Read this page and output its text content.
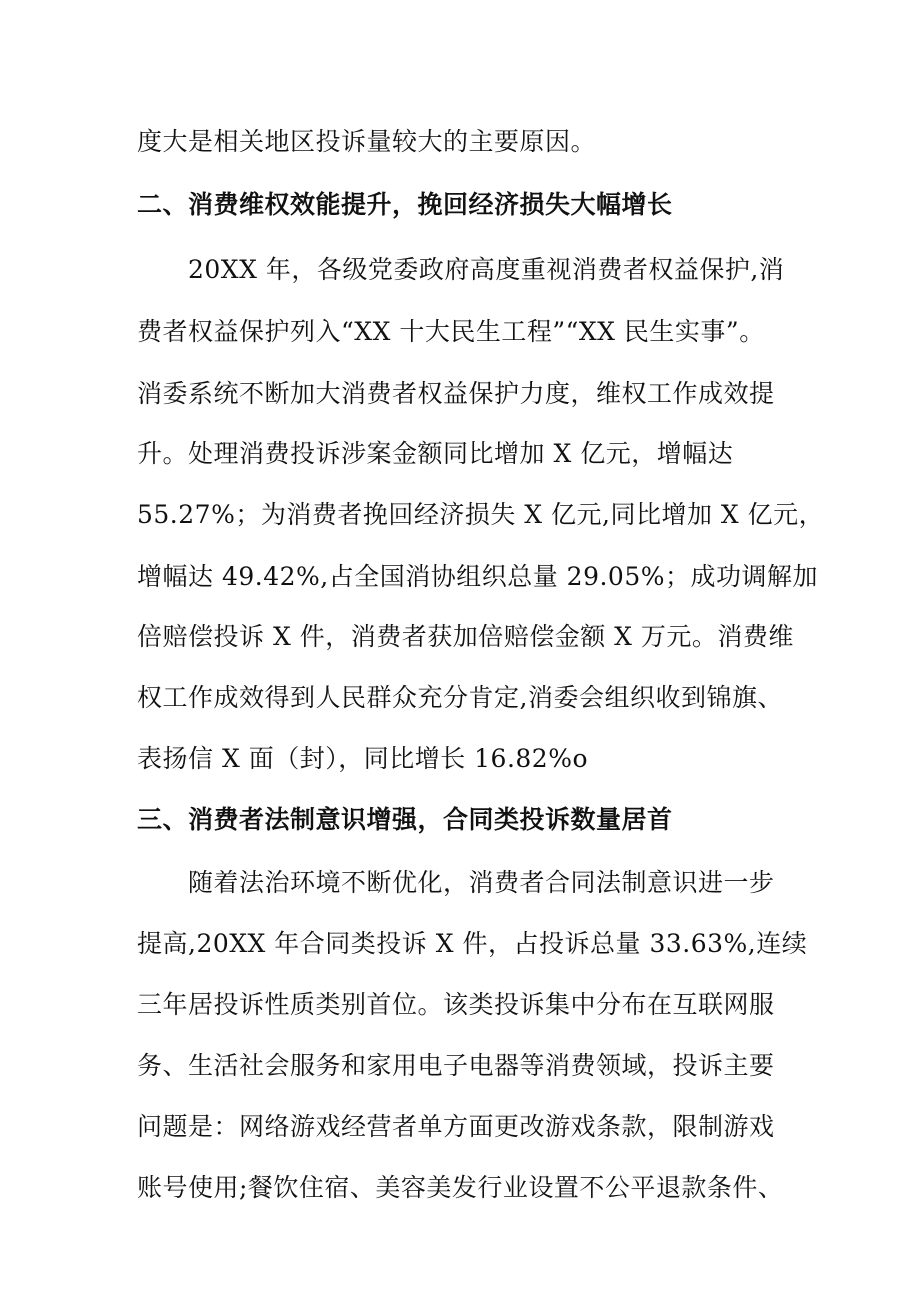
度大是相关地区投诉量较大的主要原因。
二、消费维权效能提升，挽回经济损失大幅增长
20XX 年，各级党委政府高度重视消费者权益保护,消
费者权益保护列入“XX 十大民生工程”“XX 民生实事”。
消委系统不断加大消费者权益保护力度，维权工作成效提
升。处理消费投诉涉案金额同比增加 X 亿元，增幅达
55.27%；为消费者挽回经济损失 X 亿元,同比增加 X 亿元，
增幅达 49.42%,占全国消协组织总量 29.05%；成功调解加
倍赔偿投诉 X 件，消费者获加倍赔偿金额 X 万元。消费维
权工作成效得到人民群众充分肯定,消委会组织收到锦旗、
表扬信 X 面（封），同比增长 16.82%o
三、消费者法制意识增强，合同类投诉数量居首
随着法治环境不断优化，消费者合同法制意识进一步
提高,20XX 年合同类投诉 X 件，占投诉总量 33.63%,连续
三年居投诉性质类别首位。该类投诉集中分布在互联网服
务、生活社会服务和家用电子电器等消费领域，投诉主要
问题是：网络游戏经营者单方面更改游戏条款，限制游戏
账号使用;餐饮住宿、美容美发行业设置不公平退款条件、
